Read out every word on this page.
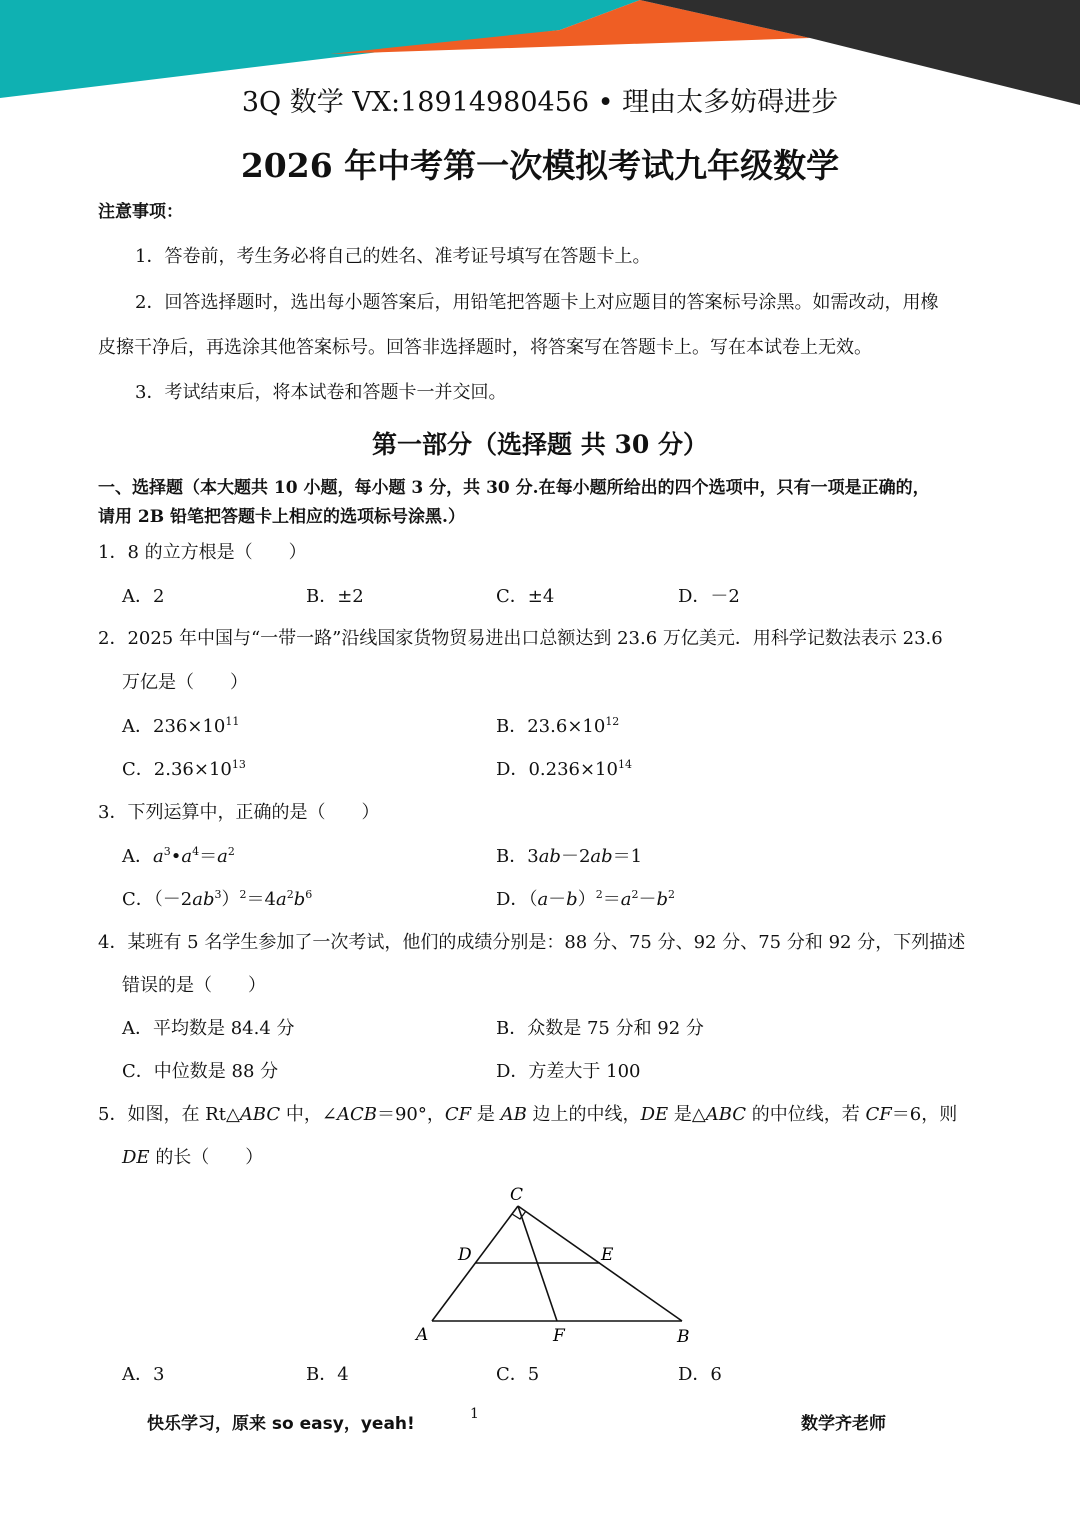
3Q 数学 VX:18914980456 • 理由太多妨碍进步
2026 年中考第一次模拟考试九年级数学
注意事项：
1．答卷前，考生务必将自己的姓名、准考证号填写在答题卡上。
2．回答选择题时，选出每小题答案后，用铅笔把答题卡上对应题目的答案标号涂黑。如需改动，用橡
皮擦干净后，再选涂其他答案标号。回答非选择题时，将答案写在答题卡上。写在本试卷上无效。
3．考试结束后，将本试卷和答题卡一并交回。
第一部分（选择题 共 30 分）
一、选择题（本大题共 10 小题，每小题 3 分，共 30 分.在每小题所给出的四个选项中，只有一项是正确的，
请用 2B 铅笔把答题卡上相应的选项标号涂黑.）
1．8 的立方根是（　　）
A．2	B．±2	C．±4	D．－2
2．2025 年中国与“一带一路”沿线国家货物贸易进出口总额达到 23.6 万亿美元．用科学记数法表示 23.6
万亿是（　　）
A．$236\times 10^{11}$	B．$23.6\times 10^{12}$
C．$2.36\times 10^{13}$	D．$0.236\times 10^{14}$
3．下列运算中，正确的是（　　）
A．$a^3•a^4=a^2$	B．3ab－2ab＝1
C．$(-2ab^3)^2=4a^2b^6$	D．$(a-b)^2=a^2-b^2$
4．某班有 5 名学生参加了一次考试，他们的成绩分别是：88 分、75 分、92 分、75 分和 92 分，下列描述
错误的是（　　）
A．平均数是 84.4 分	B．众数是 75 分和 92 分
C．中位数是 88 分	D．方差大于 100
5．如图，在 Rt△ABC 中，∠ACB＝90°，CF 是 AB 边上的中线，DE 是△ABC 的中位线，若 CF＝6，则
DE 的长（　　）
C
D	E
A	F	B
A．3	B．4	C．5	D．6
快乐学习，原来 so easy，yeah!	1	数学齐老师
